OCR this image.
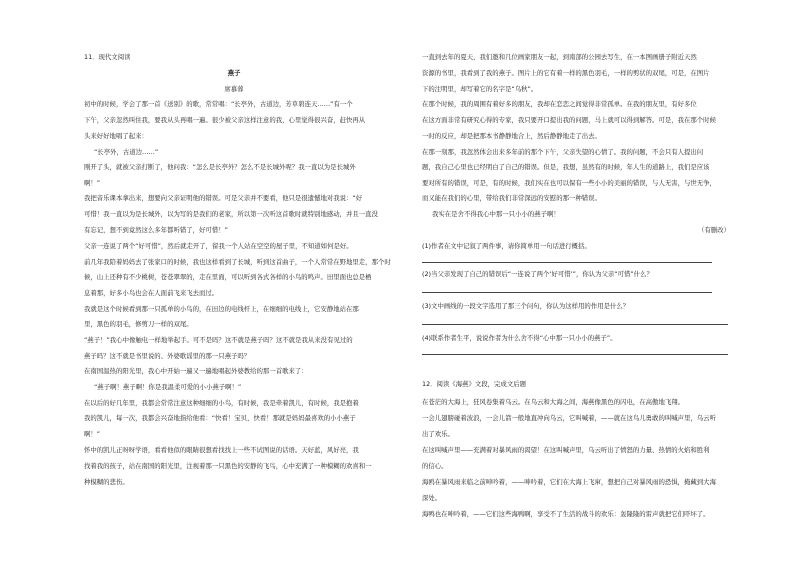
11．现代文阅读
燕子
席慕蓉
初中的时候，学会了那一首《送别》的歌，常常唱：“长亭外，古道边，芳草碧连天……”有一个
下午，父亲忽然叫住我，要我从头再唱一遍。很少被父亲这样注意的我，心里觉得很兴奋，赶快再从
头来好好地唱了起来：
“长亭外，古道边……”
刚开了头，就被父亲打断了，他问我：“怎么是长亭外？怎么不是长城外呢？我一直以为是长城外
啊！”
我把音乐课本拿出来，想要向父亲证明他的错误。可是父亲并不要看，他只是很遗憾地对我说：“好
可惜！我一直以为是长城外，以为写的是我们的老家，所以第一次听这首歌时就特别地感动，并且一直没
有忘记，想不到竟然这么多年都听错了，好可惜！”
父亲一连说了两个“好可惜”，然后就走开了，留我一个人站在空空的屋子里，不知道如何是好。
前几年我陪着妈妈去了张家口的时候，我也这样看到了长城，听到这首曲子，一个人常常在野地里走，那个时
候，山上还种有不少桃树，苍苍翠翠的，走在里面，可以听到各式各样的小鸟的鸣声。田里面也总是栖
息着那，好多小鸟也会在人面前飞来飞去而过。
我就是这个时候看到那一只孤单的小鸟的，在田边的电线杆上，在细细的电线上，它安静地站在那
里，黑色的羽毛，修剪刀一样的双尾。
“燕子！”我心中像触电一样地举起手。可不是吗？这不就是燕子吗？这不就是我从来没有见过的
燕子吗？这不就是书里说的、外婆歌谣里的那一只燕子吗？
在南国温热的阳光里，我心中开始一遍又一遍地唱起外婆教给的那一首歌来了：
“燕子啊！燕子啊！你是我温柔可爱的小小燕子啊！”
在以后的好几年里，我都会常常注意这种细细的小鸟，有时候，我是牵着凯儿，有时候，我是抱着
我的凯儿，每一次，我都会兴奋地指给他看：“快看！宝贝，快看！那就是妈妈最喜欢的小小燕子
啊！”
怀中的凯儿正呀呀学语，看看他似的眼睛很想看找找上一些不试图说的话语。天好蓝，风好亮，我
找着我的孩子，站在南国的阳光里，注视着那一只黑色的安静的飞鸟，心中充满了一种模糊的欢喜和一
种模糊的悲伤。
一直到去年的夏天，我们邀和几位画家朋友一起，到南部的公园去写生，在一本图画册子附近天然
资源的书里，我看到了我的燕子。图片上的它有着一样的黑色羽毛，一样的剪状的双尾，可是，在图片
下的注明里，却写着它的名字是“乌秋”。
在那个时候，我的周围有着好多的朋友，我却在恋恋之间觉得非常孤单。在我的朋友里，有好多位
在这方面非常有研究心得的专家，我只要开口提出我的问题，马上就可以得到解答。可是，我在那个时候
一时的反应，却是把那本书静静地合上，然后静静地走了出去。
在那一刻那，我忽然体会出来多年前的那个下午，父亲失望的心情了。我的问题，不会只有人提出问
题，我自己心里也已经明白了自己的错误。但是，我想，虽然有的时候，年人生的道路上，我们是应该
要对所有的错误，可是，有的时候，我们实在也可以保有一些小小的美丽的错误，与人无害，与世无争，
而又能在我们的心里，带给我们非常深远的安慰的那一种错误。
我实在是舍不得我心中那一只小小的燕子啊！
（有删改）
(1)作者在文中记叙了两件事，请你简单用一句话进行概括。
(2)当父亲发现了自己的错误后“一连说了两个‘好可惜’”，你认为父亲“可惜”什么？
(3)文中画线的一段文字选用了那三个问句，你认为这样用的作用是什么？
(4)联系作者生平，说说作者为什么舍不得“心中那一只小小的燕子”。
12．阅读《海燕》文段，完成文后题
在苍茫的大海上，狂风卷集着乌云。在乌云和大海之间，海燕像黑色的闪电，在高傲地飞翔。
一会儿翅膀碰着波浪，一会儿箭一般地直冲向乌云，它叫喊着，——就在这鸟儿勇敢的叫喊声里，乌云听
出了欢乐。
在这叫喊声里——充满着对暴风雨的渴望！在这叫喊声里，乌云听出了愤怒的力量、热情的火焰和胜利
的信心。
海鸥在暴风雨来临之前呻吟着，——呻吟着，它们在大海上飞窜，想把自己对暴风雨的恐惧，掩藏到大海
深处。
海鸭也在呻吟着，——它们这些海鸭啊，享受不了生活的战斗的欢乐：轰隆隆的雷声就把它们吓坏了。
